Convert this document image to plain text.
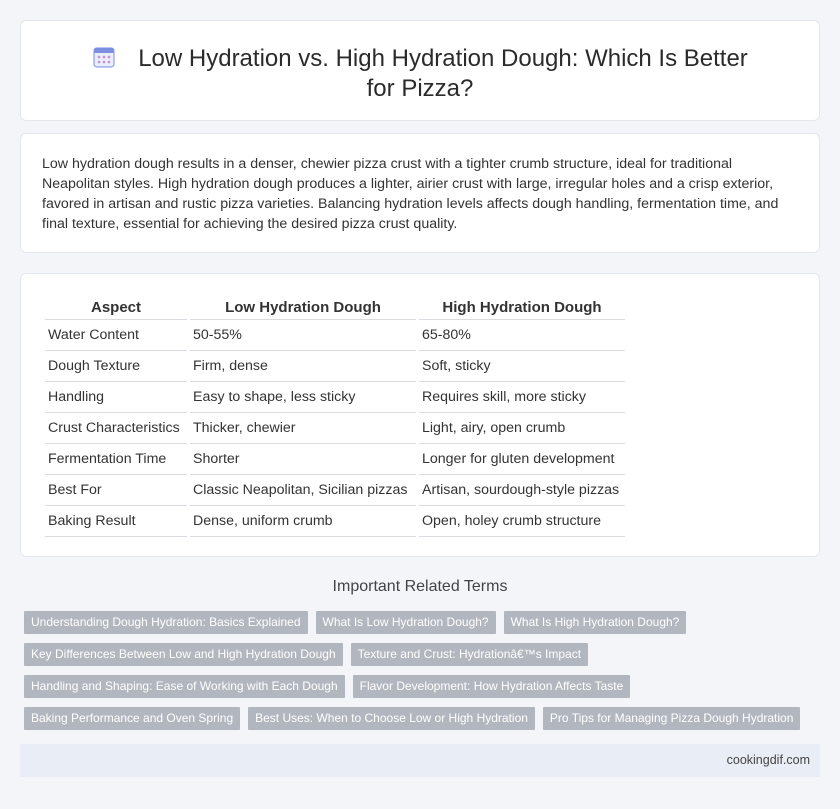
Low Hydration vs. High Hydration Dough: Which Is Better for Pizza?

Low hydration dough results in a denser, chewier pizza crust with a tighter crumb structure, ideal for traditional Neapolitan styles. High hydration dough produces a lighter, airier crust with large, irregular holes and a crisp exterior, favored in artisan and rustic pizza varieties. Balancing hydration levels affects dough handling, fermentation time, and final texture, essential for achieving the desired pizza crust quality.

Aspect	Low Hydration Dough	High Hydration Dough
Water Content	50-55%	65-80%
Dough Texture	Firm, dense	Soft, sticky
Handling	Easy to shape, less sticky	Requires skill, more sticky
Crust Characteristics	Thicker, chewier	Light, airy, open crumb
Fermentation Time	Shorter	Longer for gluten development
Best For	Classic Neapolitan, Sicilian pizzas	Artisan, sourdough-style pizzas
Baking Result	Dense, uniform crumb	Open, holey crumb structure
Important Related Terms
Understanding Dough Hydration: Basics Explained	What Is Low Hydration Dough?	What Is High Hydration Dough?
Key Differences Between Low and High Hydration Dough	Texture and Crust: Hydrationâ€™s Impact
Handling and Shaping: Ease of Working with Each Dough	Flavor Development: How Hydration Affects Taste
Baking Performance and Oven Spring	Best Uses: When to Choose Low or High Hydration	Pro Tips for Managing Pizza Dough Hydration
cookingdif.com
